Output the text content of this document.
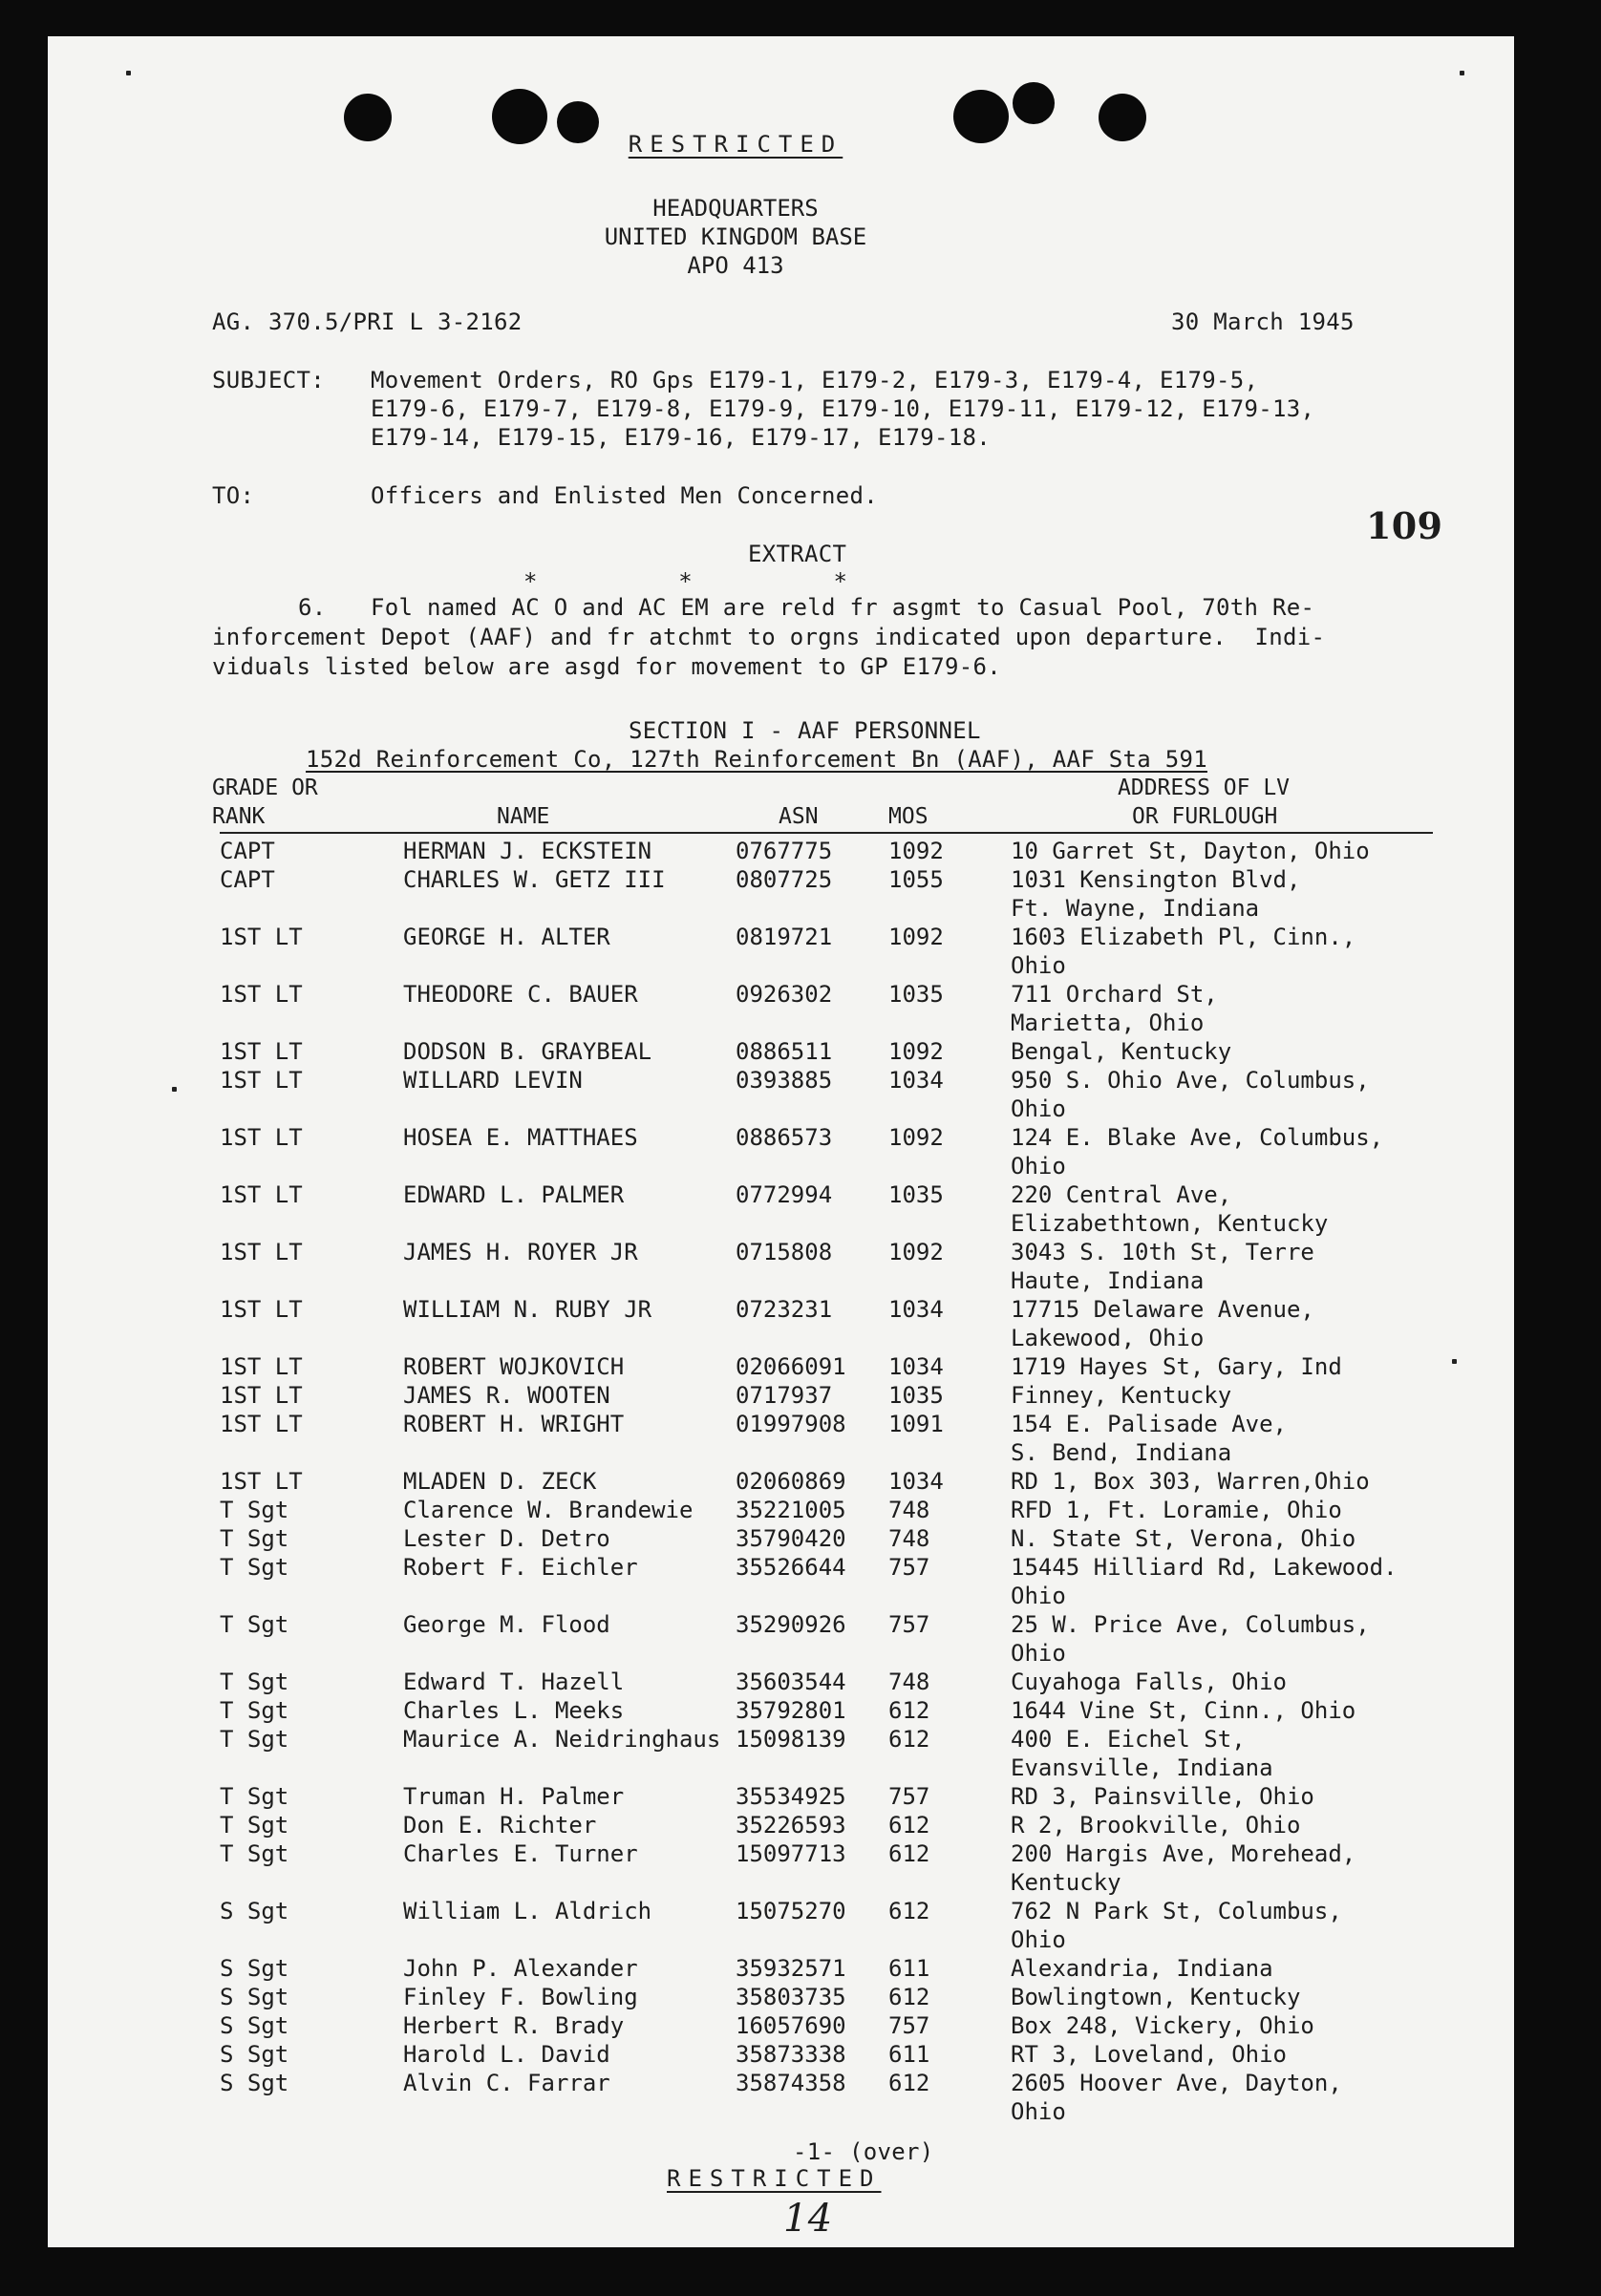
RESTRICTED
HEADQUARTERS
UNITED KINGDOM BASE
APO 413
AG. 370.5/PRI L 3-2162	30 March 1945
SUBJECT: Movement Orders, RO Gps E179-1, E179-2, E179-3, E179-4, E179-5,
E179-6, E179-7, E179-8, E179-9, E179-10, E179-11, E179-12, E179-13,
E179-14, E179-15, E179-16, E179-17, E179-18.
TO:	Officers and Enlisted Men Concerned.
EXTRACT
109
*          *          *
6. Fol named AC O and AC EM are reld fr asgmt to Casual Pool, 70th Re-
inforcement Depot (AAF) and fr atchmt to orgns indicated upon departure.  Indi-
viduals listed below are asgd for movement to GP E179-6.
SECTION I - AAF PERSONNEL
152d Reinforcement Co, 127th Reinforcement Bn (AAF), AAF Sta 591
GRADE OR
RANK	NAME	ASN	MOS
ADDRESS OF LV
OR FURLOUGH
-1- (over)
RESTRICTED
14
CAPT	HERMAN J. ECKSTEIN	0767775 1092	10 Garret St, Dayton, Ohio
CAPT	CHARLES W. GETZ III	0807725 1055	1031 Kensington Blvd,
Ft. Wayne, Indiana
1ST LT	GEORGE H. ALTER	0819721 1092	1603 Elizabeth Pl, Cinn.,
Ohio
1ST LT	THEODORE C. BAUER	0926302 1035	711 Orchard St,
Marietta, Ohio
1ST LT	DODSON B. GRAYBEAL	0886511 1092	Bengal, Kentucky
1ST LT	WILLARD LEVIN	0393885 1034	950 S. Ohio Ave, Columbus,
Ohio
1ST LT	HOSEA E. MATTHAES	0886573 1092	124 E. Blake Ave, Columbus,
Ohio
1ST LT	EDWARD L. PALMER	0772994 1035	220 Central Ave,
Elizabethtown, Kentucky
1ST LT	JAMES H. ROYER JR	0715808 1092	3043 S. 10th St, Terre
Haute, Indiana
1ST LT	WILLIAM N. RUBY JR	0723231 1034	17715 Delaware Avenue,
Lakewood, Ohio
1ST LT	ROBERT WOJKOVICH	02066091 1034	1719 Hayes St, Gary, Ind
1ST LT	JAMES R. WOOTEN	0717937 1035	Finney, Kentucky
1ST LT	ROBERT H. WRIGHT	01997908 1091	154 E. Palisade Ave,
S. Bend, Indiana
1ST LT	MLADEN D. ZECK	02060869 1034	RD 1, Box 303, Warren,Ohio
T Sgt	Clarence W. Brandewie 35221005 748	RFD 1, Ft. Loramie, Ohio
T Sgt	Lester D. Detro	35790420 748	N. State St, Verona, Ohio
T Sgt	Robert F. Eichler	35526644 757	15445 Hilliard Rd, Lakewood.
Ohio
T Sgt	George M. Flood	35290926 757	25 W. Price Ave, Columbus,
Ohio
T Sgt	Edward T. Hazell	35603544 748	Cuyahoga Falls, Ohio
T Sgt	Charles L. Meeks	35792801 612	1644 Vine St, Cinn., Ohio
T Sgt	Maurice A. Neidringhaus 15098139 612	400 E. Eichel St,
Evansville, Indiana
T Sgt	Truman H. Palmer	35534925 757	RD 3, Painsville, Ohio
T Sgt	Don E. Richter	35226593 612	R 2, Brookville, Ohio
T Sgt	Charles E. Turner	15097713 612	200 Hargis Ave, Morehead,
Kentucky
S Sgt	William L. Aldrich	15075270 612	762 N Park St, Columbus,
Ohio
S Sgt	John P. Alexander	35932571 611	Alexandria, Indiana
S Sgt	Finley F. Bowling	35803735 612	Bowlingtown, Kentucky
S Sgt	Herbert R. Brady	16057690 757	Box 248, Vickery, Ohio
S Sgt	Harold L. David	35873338 611	RT 3, Loveland, Ohio
S Sgt	Alvin C. Farrar	35874358 612	2605 Hoover Ave, Dayton,
Ohio
